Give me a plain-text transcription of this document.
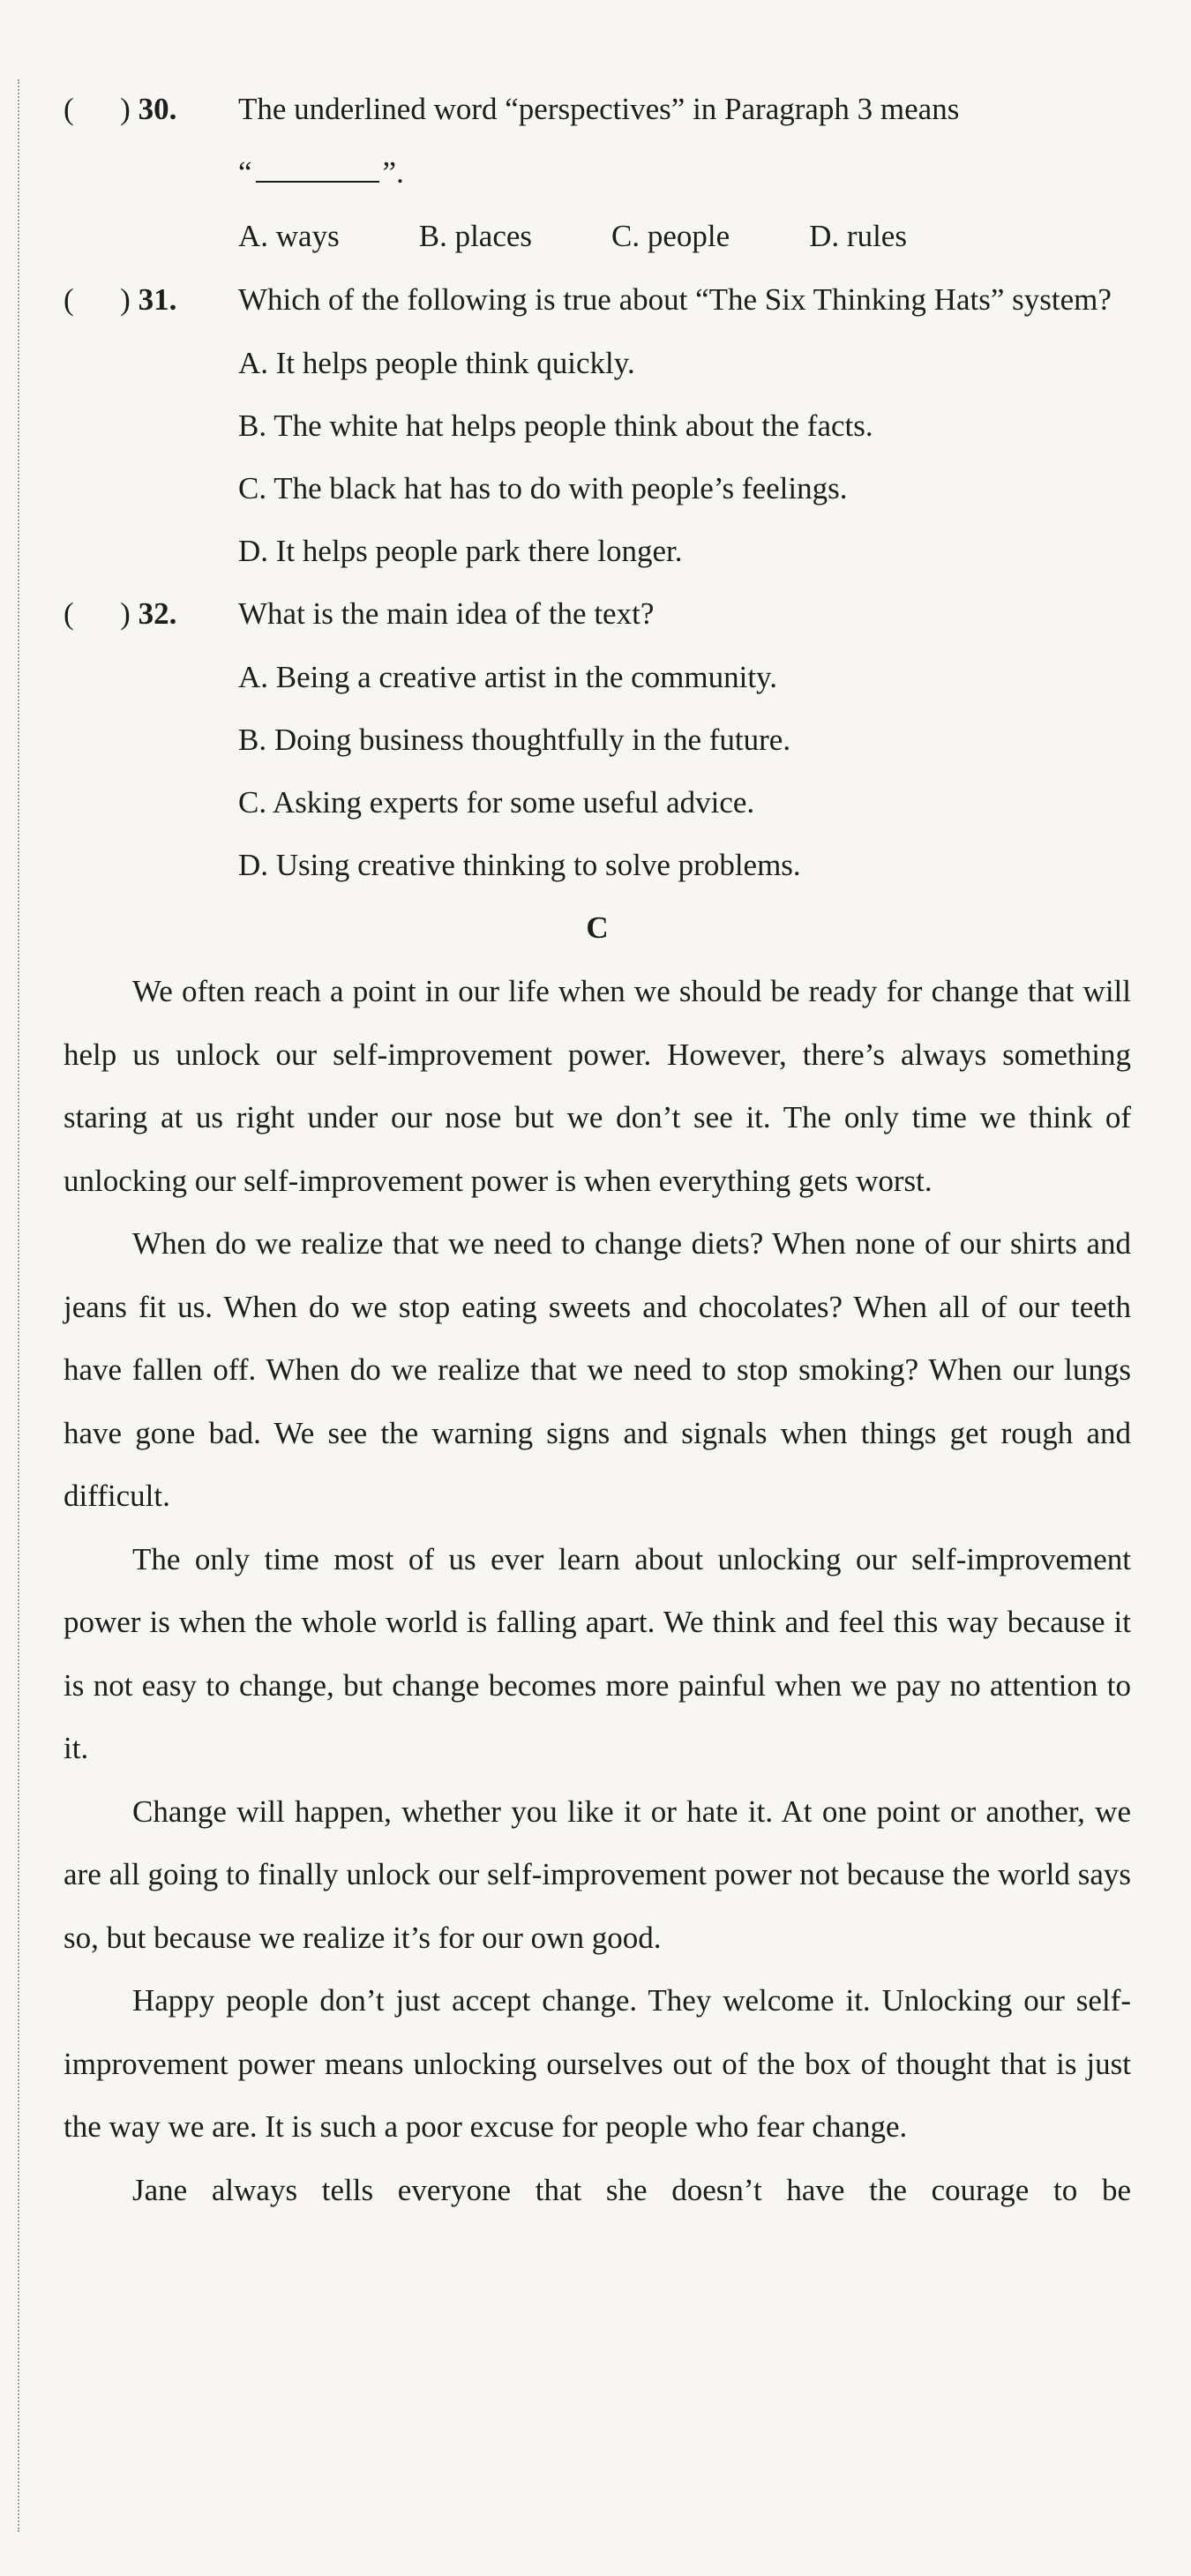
(      ) 30.	The underlined word “perspectives” in Paragraph 3 means

“	”.

A. ways	B. places	C. people	D. rules
(      ) 31.	Which of the following is true about “The Six Thinking Hats” system?

A. It helps people think quickly.

B. The white hat helps people think about the facts.

C. The black hat has to do with people’s feelings.

D. It helps people park there longer.

(      ) 32.	What is the main idea of the text?

A. Being a creative artist in the community.

B. Doing business thoughtfully in the future.

C. Asking experts for some useful advice.

D. Using creative thinking to solve problems.

C

We often reach a point in our life when we should be ready for change that will help us unlock our self-improvement power. However, there’s always something staring at us right under our nose but we don’t see it. The only time we think of unlocking our self-improvement power is when everything gets worst.

When do we realize that we need to change diets? When none of our shirts and jeans fit us. When do we stop eating sweets and chocolates? When all of our teeth have fallen off. When do we realize that we need to stop smoking? When our lungs have gone bad. We see the warning signs and signals when things get rough and difficult.

The only time most of us ever learn about unlocking our self-improvement power is when the whole world is falling apart. We think and feel this way because it is not easy to change, but change becomes more painful when we pay no attention to it.

Change will happen, whether you like it or hate it. At one point or another, we are all going to finally unlock our self-improvement power not because the world says so, but because we realize it’s for our own good.

Happy people don’t just accept change. They welcome it. Unlocking our self-improvement power means unlocking ourselves out of the box of thought that is just the way we are. It is such a poor excuse for people who fear change.

Jane always tells everyone that she doesn’t have the courage to be
